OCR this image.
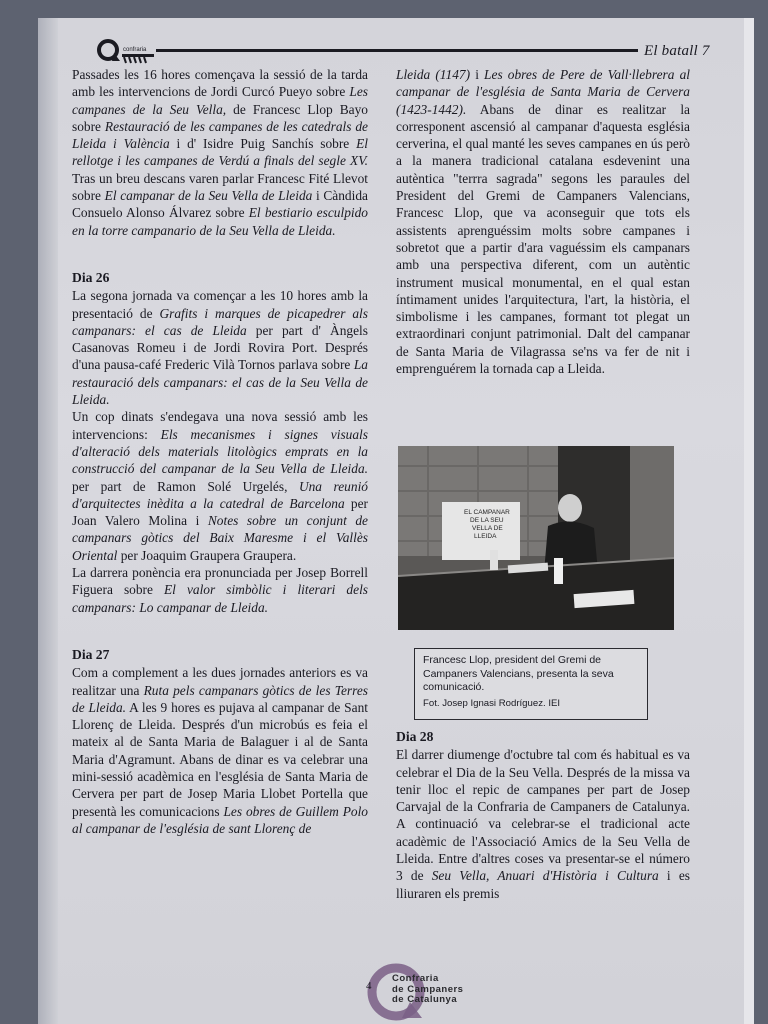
confraria	El batall 7

Passades les 16 hores començava la sessió de la tarda amb les intervencions de Jordi Curcó Pueyo sobre Les campanes de la Seu Vella, de Francesc Llop Bayo sobre Restauració de les campanes de les catedrals de Lleida i València i d' Isidre Puig Sanchís sobre El rellotge i les campanes de Verdú a finals del segle XV. Tras un breu descans varen parlar Francesc Fité Llevot sobre El campanar de la Seu Vella de Lleida i Càndida Consuelo Alonso Álvarez sobre El bestiario esculpido en la torre campanario de la Seu Vella de Lleida.

Dia 26

La segona jornada va començar a les 10 hores amb la presentació de Grafits i marques de picapedrer als campanars: el cas de Lleida per part d' Àngels Casanovas Romeu i de Jordi Rovira Port. Després d'una pausa-café Frederic Vilà Tornos parlava sobre La restauració dels campanars: el cas de la Seu Vella de Lleida.

Un cop dinats s'endegava una nova sessió amb les intervencions: Els mecanismes i signes visuals d'alteració dels materials litològics emprats en la construcció del campanar de la Seu Vella de Lleida. per part de Ramon Solé Urgelés, Una reunió d'arquitectes inèdita a la catedral de Barcelona per Joan Valero Molina i Notes sobre un conjunt de campanars gòtics del Baix Maresme i el Vallès Oriental per Joaquim Graupera Graupera.

La darrera ponència era pronunciada per Josep Borrell Figuera sobre El valor simbòlic i literari dels campanars: Lo campanar de Lleida.

Dia 27

Com a complement a les dues jornades anteriors es va realitzar una Ruta pels campanars gòtics de les Terres de Lleida. A les 9 hores es pujava al campanar de Sant Llorenç de Lleida. Després d'un microbús es feia el mateix al de Santa Maria de Balaguer i al de Santa Maria d'Agramunt. Abans de dinar es va celebrar una mini-sessió acadèmica en l'església de Santa Maria de Cervera per part de Josep Maria Llobet Portella que presentà les comunicacions Les obres de Guillem Polo al campanar de l'església de sant Llorenç de

Lleida (1147) i Les obres de Pere de Vall·llebrera al campanar de l'església de Santa Maria de Cervera (1423-1442). Abans de dinar es realitzar la corresponent ascensió al campanar d'aquesta església cerverina, el qual manté les seves campanes en ús però a la manera tradicional catalana esdevenint una autèntica "terrra sagrada" segons les paraules del President del Gremi de Campaners Valencians, Francesc Llop, que va aconseguir que tots els assistents aprenguéssim molts sobre campanes i sobretot que a partir d'ara vaguéssim els campanars amb una perspectiva diferent, com un autèntic instrument musical monumental, en el qual estan íntimament unides l'arquitectura, l'art, la història, el simbolisme i les campanes, formant tot plegat un extraordinari conjunt patrimonial. Dalt del campanar de Santa Maria de Vilagrassa se'ns va fer de nit i emprenguérem la tornada cap a Lleida.

EL CAMPANAR
DE LA SEU
VELLA DE
LLEIDA
Francesc Llop, president del Gremi de Campaners Valencians, presenta la seva comunicació.
Fot. Josep Ignasi Rodríguez. IEI
Dia 28

El darrer diumenge d'octubre tal com és habitual es va celebrar el Dia de la Seu Vella. Després de la missa va tenir lloc el repic de campanes per part de Josep Carvajal de la Confraria de Campaners de Catalunya. A continuació va celebrar-se el tradicional acte acadèmic de l'Associació Amics de la Seu Vella de Lleida. Entre d'altres coses va presentar-se el número 3 de Seu Vella, Anuari d'Història i Cultura i es lliuraren els premis

4
Confraria
de Campaners
de Catalunya
